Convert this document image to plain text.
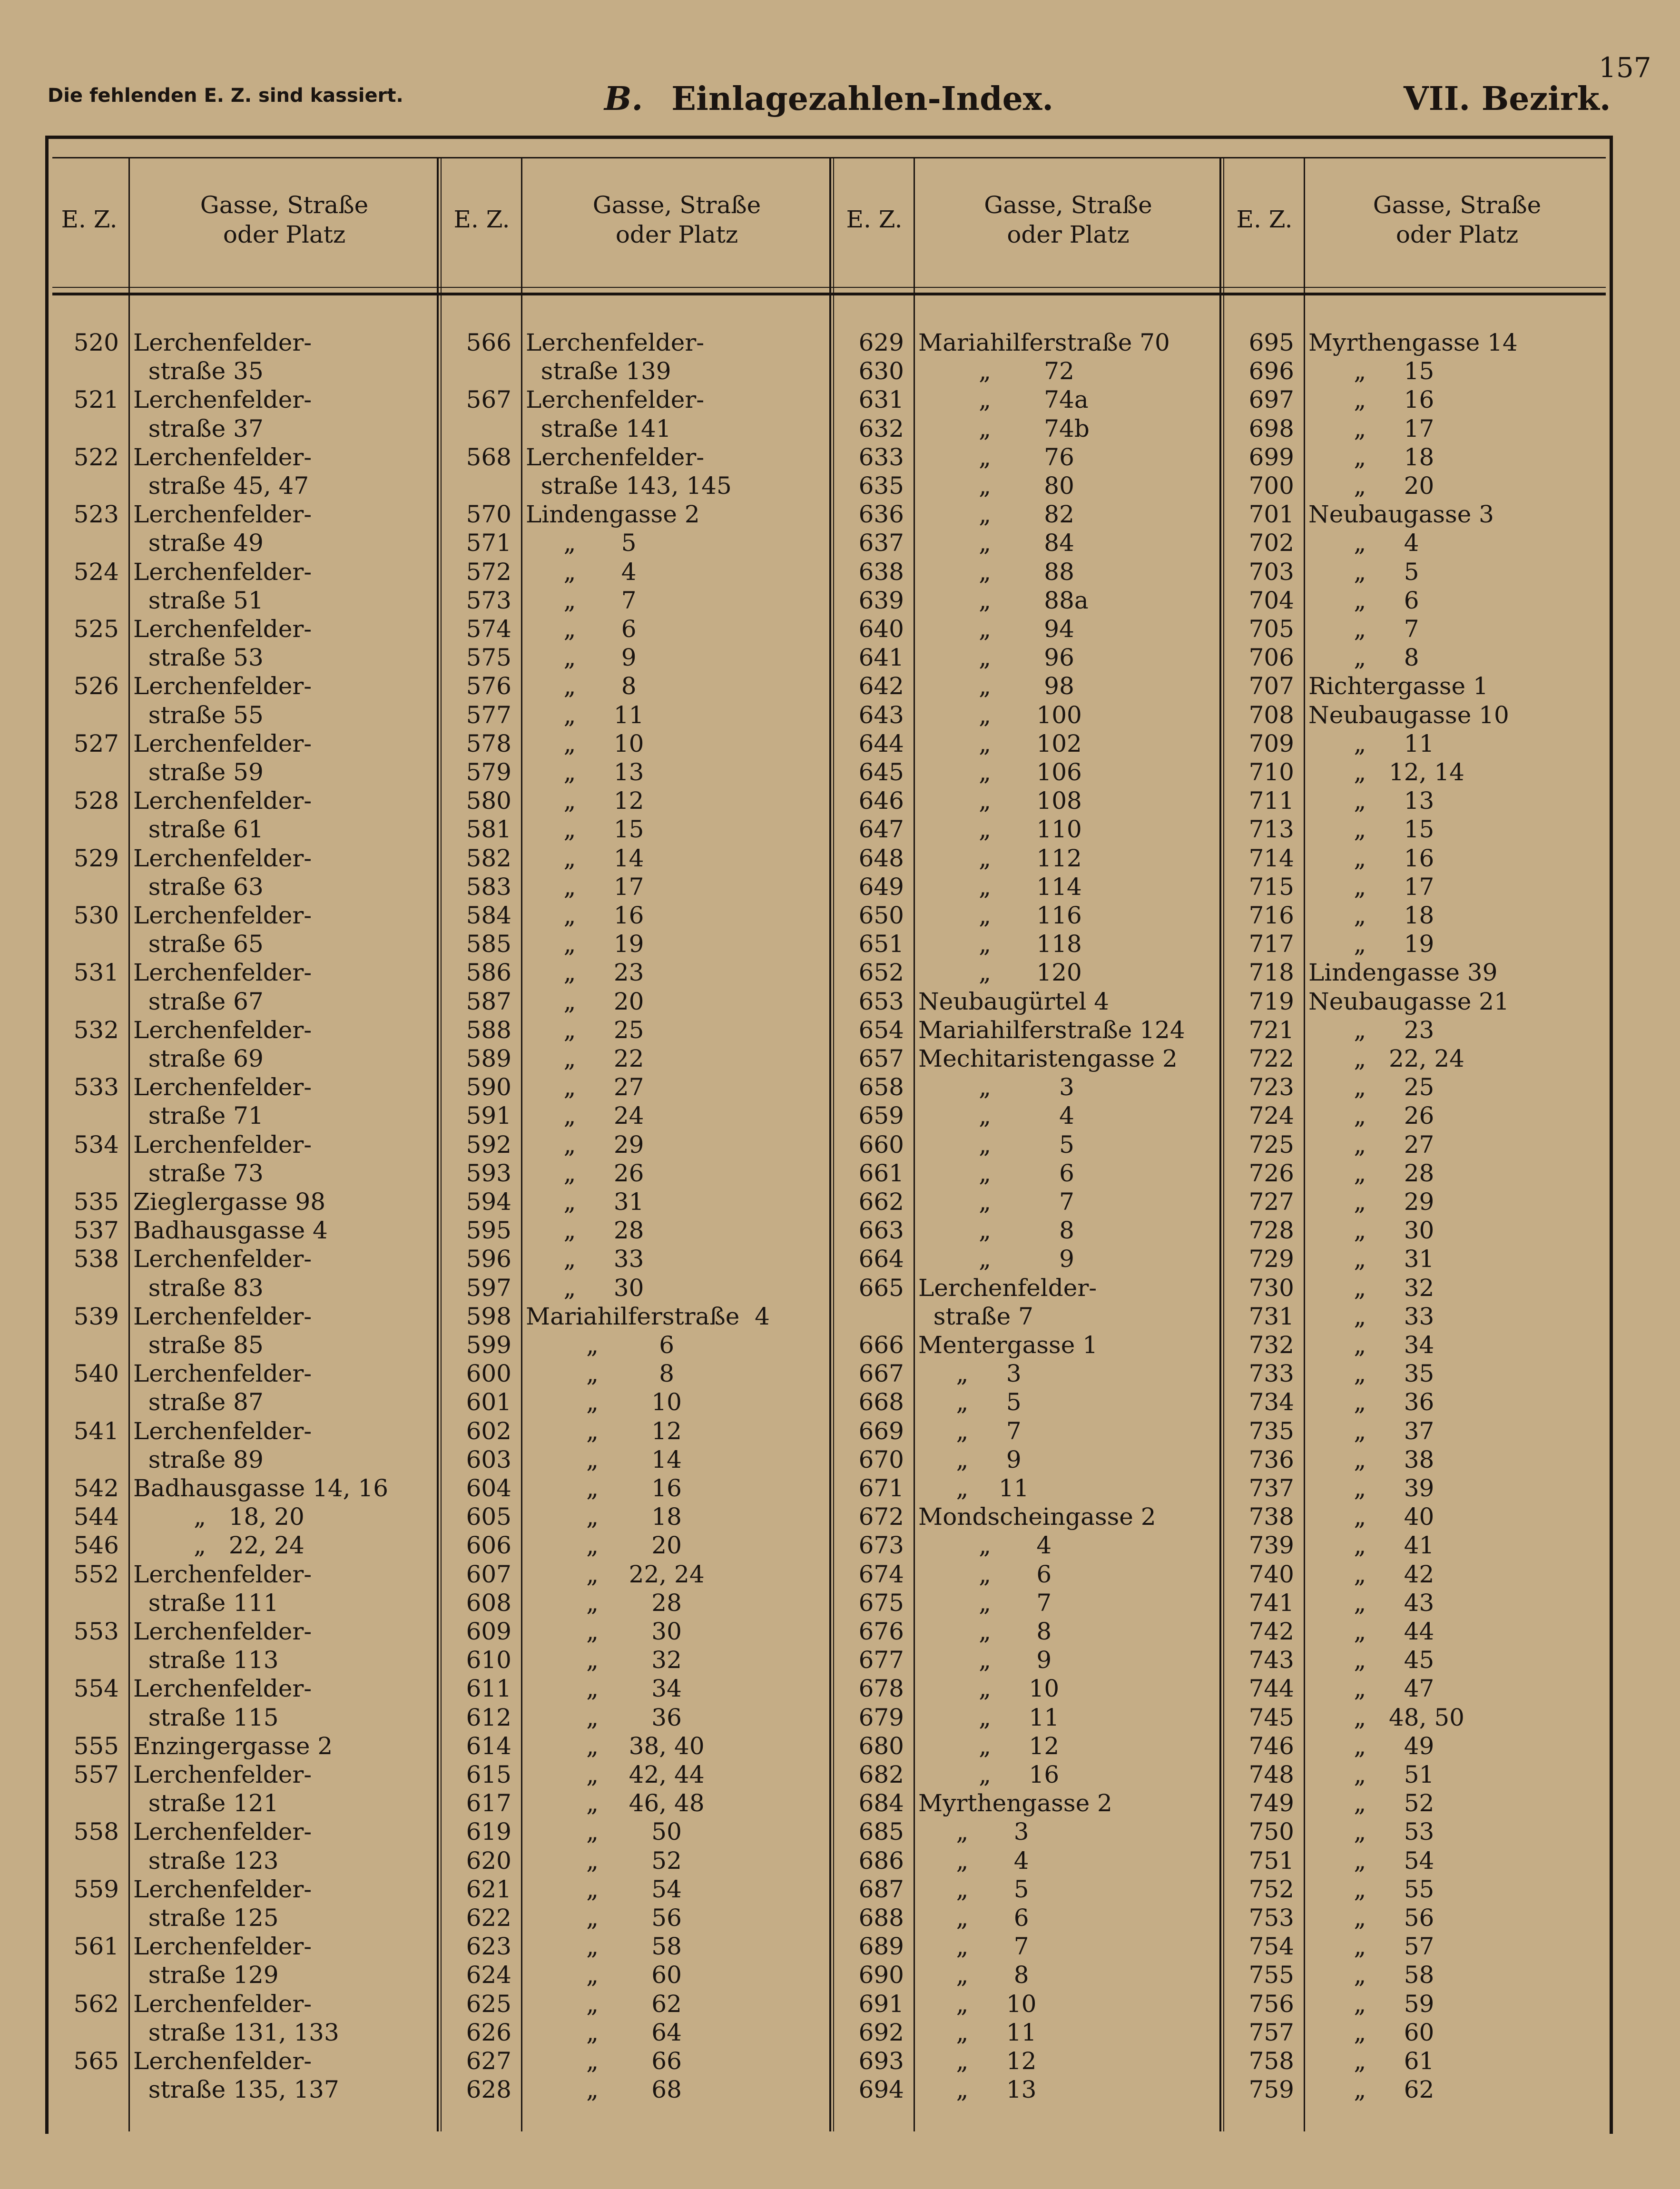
157
Die fehlenden E. Z. sind kassiert.	B. Einlagezahlen-Index.	VII. Bezirk.
E. Z.
Gasse, Straße
oder Platz
520 Lerchenfelder-
straße 35
521 Lerchenfelder-
straße 37
522 Lerchenfelder-
straße 45, 47
523 Lerchenfelder-
straße 49
524 Lerchenfelder-
straße 51
525 Lerchenfelder-
straße 53
526 Lerchenfelder-
straße 55
527 Lerchenfelder-
straße 59
528 Lerchenfelder-
straße 61
529 Lerchenfelder-
straße 63
530 Lerchenfelder-
straße 65
531 Lerchenfelder-
straße 67
532 Lerchenfelder-
straße 69
533 Lerchenfelder-
straße 71
534 Lerchenfelder-
straße 73
535 Zieglergasse 98
537 Badhausgasse 4
538 Lerchenfelder-
straße 83
539 Lerchenfelder-
straße 85
540 Lerchenfelder-
straße 87
541 Lerchenfelder-
straße 89
542 Badhausgasse 14, 16
544 „   18, 20
546 „   22, 24
552 Lerchenfelder-
straße 111
553 Lerchenfelder-
straße 113
554 Lerchenfelder-
straße 115
555 Enzingergasse 2
557 Lerchenfelder-
straße 121
558 Lerchenfelder-
straße 123
559 Lerchenfelder-
straße 125
561 Lerchenfelder-
straße 129
562 Lerchenfelder-
straße 131, 133
565 Lerchenfelder-
straße 135, 137
E. Z.
Gasse, Straße
oder Platz
566 Lerchenfelder-
straße 139
567 Lerchenfelder-
straße 141
568 Lerchenfelder-
straße 143, 145
570 Lindengasse 2
571 „      5
572 „      4
573 „      7
574 „      6
575 „      9
576 „      8
577 „     11
578 „     10
579 „     13
580 „     12
581 „     15
582 „     14
583 „     17
584 „     16
585 „     19
586 „     23
587 „     20
588 „     25
589 „     22
590 „     27
591 „     24
592 „     29
593 „     26
594 „     31
595 „     28
596 „     33
597 „     30
598 Mariahilferstraße  4
599 „        6
600 „        8
601 „       10
602 „       12
603 „       14
604 „       16
605 „       18
606 „       20
607 „    22, 24
608 „       28
609 „       30
610 „       32
611 „       34
612 „       36
614 „    38, 40
615 „    42, 44
617 „    46, 48
619 „       50
620 „       52
621 „       54
622 „       56
623 „       58
624 „       60
625 „       62
626 „       64
627 „       66
628 „       68
E. Z.
Gasse, Straße
oder Platz
629 Mariahilferstraße 70
630 „       72
631 „       74a
632 „       74b
633 „       76
635 „       80
636 „       82
637 „       84
638 „       88
639 „       88a
640 „       94
641 „       96
642 „       98
643 „      100
644 „      102
645 „      106
646 „      108
647 „      110
648 „      112
649 „      114
650 „      116
651 „      118
652 „      120
653 Neubaugürtel 4
654 Mariahilferstraße 124
657 Mechitaristengasse 2
658 „         3
659 „         4
660 „         5
661 „         6
662 „         7
663 „         8
664 „         9
665 Lerchenfelder-
straße 7
666 Mentergasse 1
667 „     3
668 „     5
669 „     7
670 „     9
671 „    11
672 Mondscheingasse 2
673 „      4
674 „      6
675 „      7
676 „      8
677 „      9
678 „     10
679 „     11
680 „     12
682 „     16
684 Myrthengasse 2
685 „      3
686 „      4
687 „      5
688 „      6
689 „      7
690 „      8
691 „     10
692 „     11
693 „     12
694 „     13
E. Z.
Gasse, Straße
oder Platz
695 Myrthengasse 14
696 „     15
697 „     16
698 „     17
699 „     18
700 „     20
701 Neubaugasse 3
702 „     4
703 „     5
704 „     6
705 „     7
706 „     8
707 Richtergasse 1
708 Neubaugasse 10
709 „     11
710 „   12, 14
711 „     13
713 „     15
714 „     16
715 „     17
716 „     18
717 „     19
718 Lindengasse 39
719 Neubaugasse 21
721 „     23
722 „   22, 24
723 „     25
724 „     26
725 „     27
726 „     28
727 „     29
728 „     30
729 „     31
730 „     32
731 „     33
732 „     34
733 „     35
734 „     36
735 „     37
736 „     38
737 „     39
738 „     40
739 „     41
740 „     42
741 „     43
742 „     44
743 „     45
744 „     47
745 „   48, 50
746 „     49
748 „     51
749 „     52
750 „     53
751 „     54
752 „     55
753 „     56
754 „     57
755 „     58
756 „     59
757 „     60
758 „     61
759 „     62
